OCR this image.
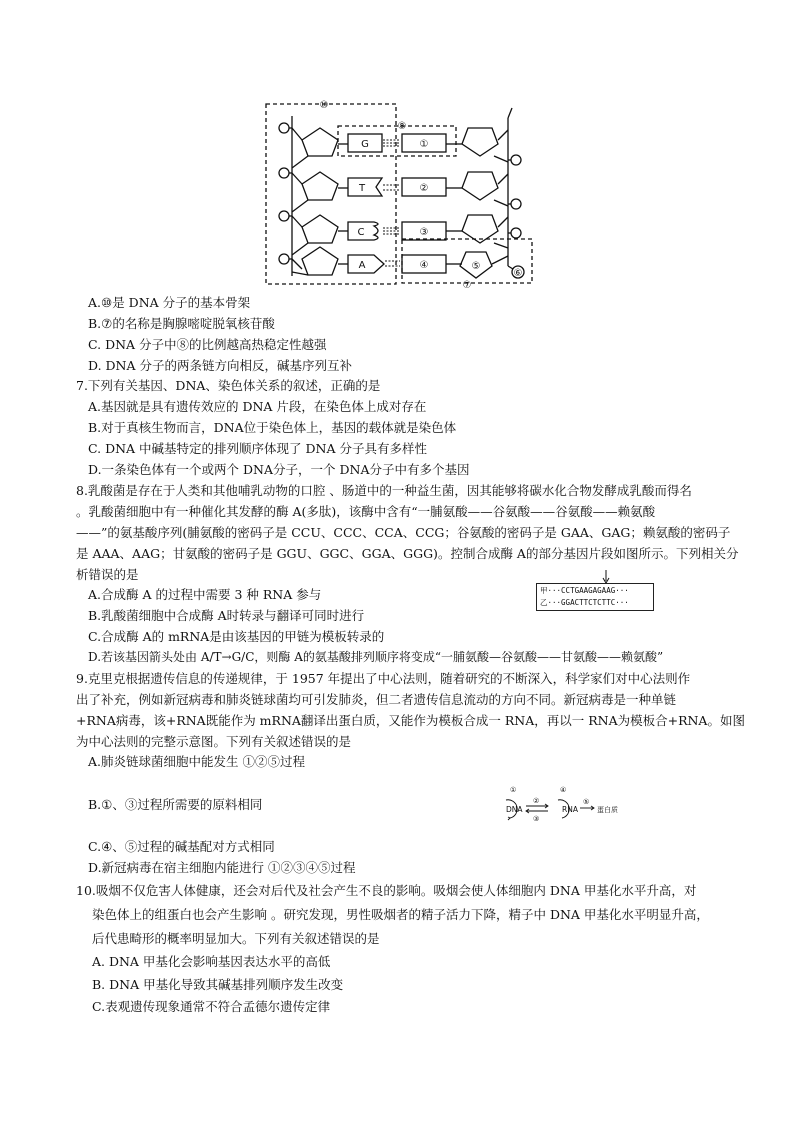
G
T
C
A
①
②
③
④
⑩
⑧
⑤
⑥
⑦
A.⑩是 DNA 分子的基本骨架
B.⑦的名称是胸腺嘧啶脱氧核苷酸
C. DNA 分子中⑧的比例越高热稳定性越强
D. DNA 分子的两条链方向相反，碱基序列互补
7.下列有关基因、DNA、染色体关系的叙述，正确的是
A.基因就是具有遗传效应的 DNA 片段，在染色体上成对存在
B.对于真核生物而言，DNA位于染色体上，基因的载体就是染色体
C. DNA 中碱基特定的排列顺序体现了 DNA 分子具有多样性
D.一条染色体有一个或两个 DNA分子，一个 DNA分子中有多个基因
8.乳酸菌是存在于人类和其他哺乳动物的口腔 、肠道中的一种益生菌，因其能够将碳水化合物发酵成乳酸而得名
。乳酸菌细胞中有一种催化其发酵的酶 A(多肽)，该酶中含有“一脯氨酸——谷氨酸——谷氨酸——赖氨酸
——”的氨基酸序列(脯氨酸的密码子是 CCU、CCC、CCA、CCG；谷氨酸的密码子是 GAA、GAG；赖氨酸的密码子
是 AAA、AAG；甘氨酸的密码子是 GGU、GGC、GGA、GGG)。控制合成酶 A的部分基因片段如图所示。下列相关分
析错误的是
A.合成酶 A 的过程中需要 3 种 RNA 参与
B.乳酸菌细胞中合成酶 A时转录与翻译可同时进行
C.合成酶 A的 mRNA是由该基因的甲链为模板转录的
D.若该基因箭头处由 A/T→G/C，则酶 A的氨基酸排列顺序将变成“一脯氨酸—谷氨酸——甘氨酸——赖氨酸”
甲···CCTGAAGAGAAG···
乙···GGACTTCTCTTC···
9.克里克根据遗传信息的传递规律，于 1957 年提出了中心法则，随着研究的不断深入，科学家们对中心法则作
出了补充，例如新冠病毒和肺炎链球菌均可引发肺炎，但二者遗传信息流动的方向不同。新冠病毒是一种单链
+RNA病毒，该+RNA既能作为 mRNA翻译出蛋白质，又能作为模板合成一 RNA，再以一 RNA为模板合+RNA。如图
为中心法则的完整示意图。下列有关叙述错误的是
A.肺炎链球菌细胞中能发生 ①②⑤过程
B.①、③过程所需要的原料相同
C.④、⑤过程的碱基配对方式相同
D.新冠病毒在宿主细胞内能进行 ①②③④⑤过程
DNA	RNA	蛋白质
①
②
③
④
⑤
10.吸烟不仅危害人体健康，还会对后代及社会产生不良的影响。吸烟会使人体细胞内 DNA 甲基化水平升高，对
染色体上的组蛋白也会产生影响 。研究发现，男性吸烟者的精子活力下降，精子中 DNA 甲基化水平明显升高，
后代患畸形的概率明显加大。下列有关叙述错误的是
A. DNA 甲基化会影响基因表达水平的高低
B. DNA 甲基化导致其碱基排列顺序发生改变
C.表观遗传现象通常不符合孟德尔遗传定律
